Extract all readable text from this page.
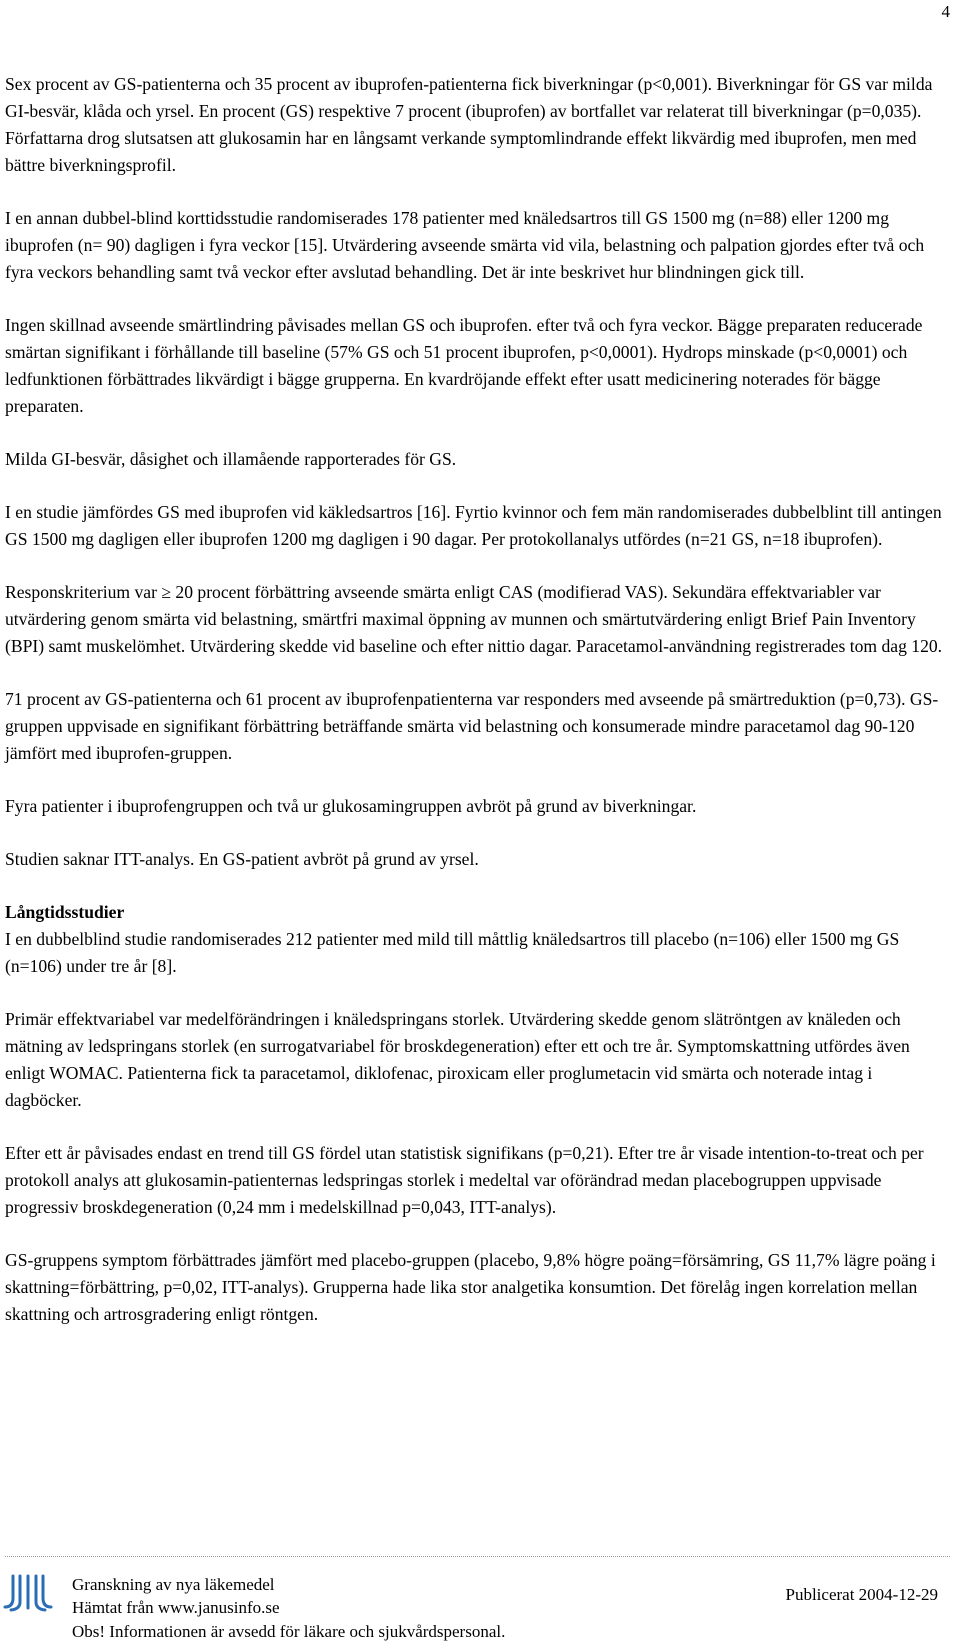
4

Sex procent av GS-patienterna och 35 procent av ibuprofen-patienterna fick biverkningar (p<0,001). Biverkningar för GS var milda GI-besvär, klåda och yrsel. En procent (GS) respektive 7 procent (ibuprofen) av bortfallet var relaterat till biverkningar (p=0,035). Författarna drog slutsatsen att glukosamin har en långsamt verkande symptomlindrande effekt likvärdig med ibuprofen, men med bättre biverkningsprofil.

I en annan dubbel-blind korttidsstudie randomiserades 178 patienter med knäledsartros till GS 1500 mg (n=88) eller 1200 mg ibuprofen (n= 90) dagligen i fyra veckor [15]. Utvärdering avseende smärta vid vila, belastning och palpation gjordes efter två och fyra veckors behandling samt två veckor efter avslutad behandling. Det är inte beskrivet hur blindningen gick till.

Ingen skillnad avseende smärtlindring påvisades mellan GS och ibuprofen. efter två och fyra veckor. Bägge preparaten reducerade smärtan signifikant i förhållande till baseline (57% GS och 51 procent ibuprofen, p<0,0001). Hydrops minskade (p<0,0001) och ledfunktionen förbättrades likvärdigt i bägge grupperna. En kvardröjande effekt efter usatt medicinering noterades för bägge preparaten.

Milda GI-besvär, dåsighet och illamående rapporterades för GS.

I en studie jämfördes GS med ibuprofen vid käkledsartros [16]. Fyrtio kvinnor och fem män randomiserades dubbelblint till antingen GS 1500 mg dagligen eller ibuprofen 1200 mg dagligen i 90 dagar. Per protokollanalys utfördes (n=21 GS, n=18 ibuprofen).

Responskriterium var ≥ 20 procent förbättring avseende smärta enligt CAS (modifierad VAS). Sekundära effektvariabler var utvärdering genom smärta vid belastning, smärtfri maximal öppning av munnen och smärtutvärdering enligt Brief Pain Inventory (BPI) samt muskelömhet. Utvärdering skedde vid baseline och efter nittio dagar. Paracetamol-användning registrerades tom dag 120.

71 procent av GS-patienterna och 61 procent av ibuprofenpatienterna var responders med avseende på smärtreduktion (p=0,73). GS-gruppen uppvisade en signifikant förbättring beträffande smärta vid belastning och konsumerade mindre paracetamol dag 90-120 jämfört med ibuprofen-gruppen.

Fyra patienter i ibuprofengruppen och två ur glukosamingruppen avbröt på grund av biverkningar.

Studien saknar ITT-analys. En GS-patient avbröt på grund av yrsel.

Långtidsstudier

I en dubbelblind studie randomiserades 212 patienter med mild till måttlig knäledsartros till placebo (n=106) eller 1500 mg GS (n=106) under tre år [8].

Primär effektvariabel var medelförändringen i knäledspringans storlek. Utvärdering skedde genom slätröntgen av knäleden och mätning av ledspringans storlek (en surrogatvariabel för broskdegeneration) efter ett och tre år. Symptomskattning utfördes även enligt WOMAC. Patienterna fick ta paracetamol, diklofenac, piroxicam eller proglumetacin vid smärta och noterade intag i dagböcker.

Efter ett år påvisades endast en trend till GS fördel utan statistisk signifikans (p=0,21). Efter tre år visade intention-to-treat och per protokoll analys att glukosamin-patienternas ledspringas storlek i medeltal var oförändrad medan placebogruppen uppvisade progressiv broskdegeneration (0,24 mm i medelskillnad p=0,043, ITT-analys).

GS-gruppens symptom förbättrades jämfört med placebo-gruppen (placebo, 9,8% högre poäng=försämring, GS 11,7% lägre poäng i skattning=förbättring, p=0,02, ITT-analys). Grupperna hade lika stor analgetika konsumtion. Det förelåg ingen korrelation mellan skattning och artrosgradering enligt röntgen.

Granskning av nya läkemedel
Hämtat från www.janusinfo.se
Obs! Informationen är avsedd för läkare och sjukvårdspersonal.
Publicerat 2004-12-29
